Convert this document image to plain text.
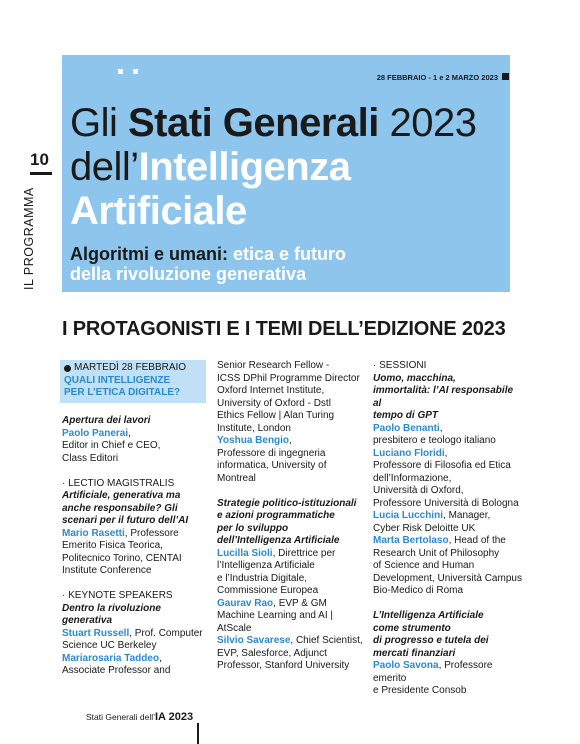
10
IL PROGRAMMA
28 FEBBRAIO - 1 e 2 MARZO 2023
Gli Stati Generali 2023
dell’Intelligenza
Artificiale
Algoritmi e umani: etica e futuro
della rivoluzione generativa
I PROTAGONISTI E I TEMI DELL’EDIZIONE 2023
MARTEDÌ 28 FEBBRAIO
QUALI INTELLIGENZE
PER L’ETICA DIGITALE?
Apertura dei lavori
Paolo Panerai,
Editor in Chief e CEO,
Class Editori
· LECTIO MAGISTRALIS
Artificiale, generativa ma
anche responsabile? Gli
scenari per il futuro dell’AI
Mario Rasetti, Professore
Emerito Fisica Teorica,
Politecnico Torino, CENTAI
Institute Conference
· KEYNOTE SPEAKERS
Dentro la rivoluzione
generativa
Stuart Russell, Prof. Computer
Science UC Berkeley
Mariarosaria Taddeo,
Associate Professor and
Senior Research Fellow -
ICSS DPhil Programme Director
Oxford Internet Institute,
University of Oxford - Dstl
Ethics Fellow | Alan Turing
Institute, London
Yoshua Bengio,
Professore di ingegneria
informatica, University of
Montreal
Strategie politico-istituzionali
e azioni programmatiche
per lo sviluppo
dell’Intelligenza Artificiale
Lucilla Sioli, Direttrice per
l’Intelligenza Artificiale
e l’Industria Digitale,
Commissione Europea
Gaurav Rao, EVP & GM
Machine Learning and AI |
AtScale
Silvio Savarese, Chief Scientist,
EVP, Salesforce, Adjunct
Professor, Stanford University
· SESSIONI
Uomo, macchina,
immortalità: l’AI responsabile al
tempo di GPT
Paolo Benanti,
presbitero e teologo italiano
Luciano Floridi,
Professore di Filosofia ed Etica
dell’Informazione,
Università di Oxford,
Professore Università di Bologna
Lucia Lucchini, Manager,
Cyber Risk Deloitte UK
Marta Bertolaso, Head of the
Research Unit of Philosophy
of Science and Human
Development, Università Campus
Bio-Medico di Roma
L’Intelligenza Artificiale
come strumento
di progresso e tutela dei
mercati finanziari
Paolo Savona, Professore emerito
e Presidente Consob
Stati Generali dell’IA 2023
